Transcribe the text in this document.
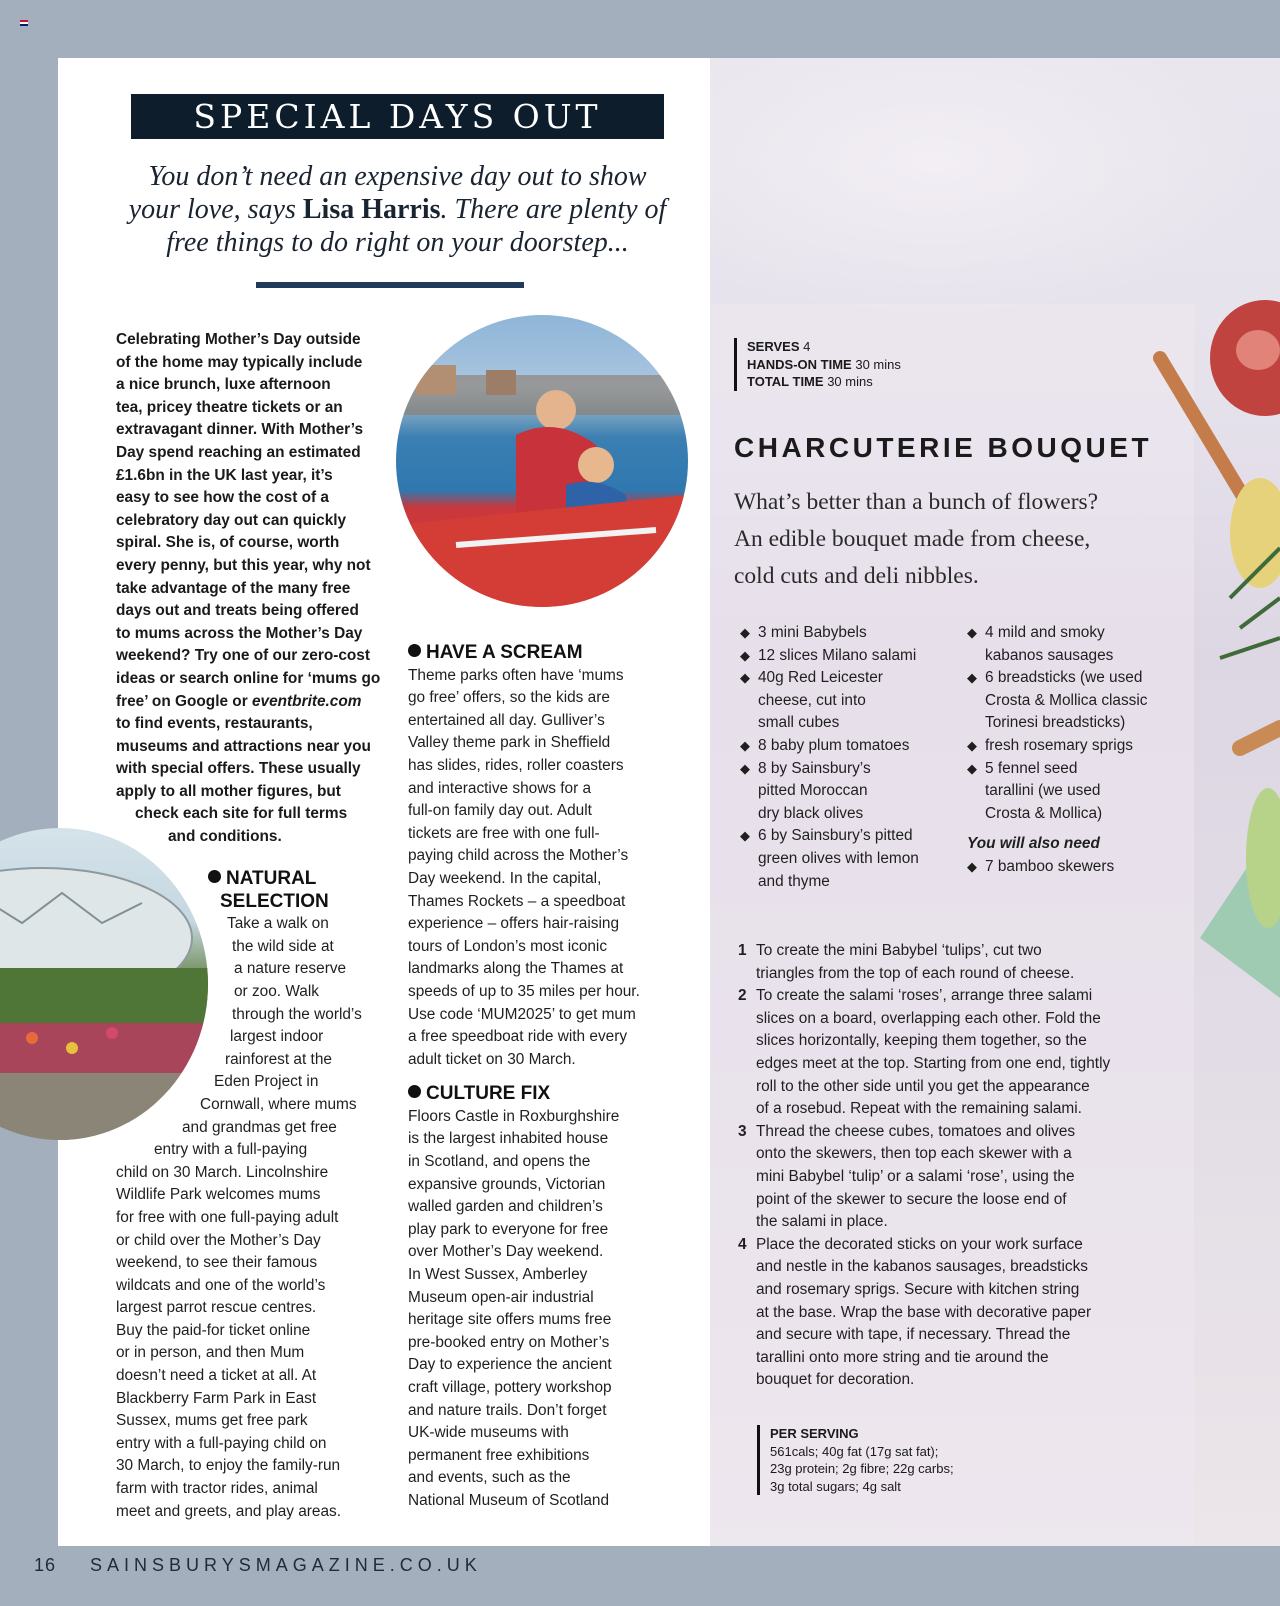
SPECIAL DAYS OUT
You don’t need an expensive day out to show your love, says Lisa Harris. There are plenty of free things to do right on your doorstep...
Celebrating Mother’s Day outside
of the home may typically include
a nice brunch, luxe afternoon
tea, pricey theatre tickets or an
extravagant dinner. With Mother’s
Day spend reaching an estimated
£1.6bn in the UK last year, it’s
easy to see how the cost of a
celebratory day out can quickly
spiral. She is, of course, worth
every penny, but this year, why not
take advantage of the many free
days out and treats being offered
to mums across the Mother’s Day
weekend? Try one of our zero-cost
ideas or search online for ‘mums go
free’ on Google or eventbrite.com
to find events, restaurants,
museums and attractions near you
with special offers. These usually
apply to all mother figures, but
check each site for full terms
and conditions.
NATURAL
SELECTION
Take a walk on
the wild side at
a nature reserve
or zoo. Walk
through the world’s
largest indoor
rainforest at the
Eden Project in
Cornwall, where mums
and grandmas get free
entry with a full-paying
child on 30 March. Lincolnshire
Wildlife Park welcomes mums
for free with one full-paying adult
or child over the Mother’s Day
weekend, to see their famous
wildcats and one of the world’s
largest parrot rescue centres.
Buy the paid-for ticket online
or in person, and then Mum
doesn’t need a ticket at all. At
Blackberry Farm Park in East
Sussex, mums get free park
entry with a full-paying child on
30 March, to enjoy the family-run
farm with tractor rides, animal
meet and greets, and play areas.
HAVE A SCREAM
Theme parks often have ‘mums
go free’ offers, so the kids are
entertained all day. Gulliver’s
Valley theme park in Sheffield
has slides, rides, roller coasters
and interactive shows for a
full-on family day out. Adult
tickets are free with one full-
paying child across the Mother’s
Day weekend. In the capital,
Thames Rockets – a speedboat
experience – offers hair-raising
tours of London’s most iconic
landmarks along the Thames at
speeds of up to 35 miles per hour.
Use code ‘MUM2025’ to get mum
a free speedboat ride with every
adult ticket on 30 March.
CULTURE FIX
Floors Castle in Roxburghshire
is the largest inhabited house
in Scotland, and opens the
expansive grounds, Victorian
walled garden and children’s
play park to everyone for free
over Mother’s Day weekend.
In West Sussex, Amberley
Museum open-air industrial
heritage site offers mums free
pre-booked entry on Mother’s
Day to experience the ancient
craft village, pottery workshop
and nature trails. Don’t forget
UK-wide museums with
permanent free exhibitions
and events, such as the
National Museum of Scotland
16 SAINSBURYSMAGAZINE.CO.UK
SERVES 4
HANDS-ON TIME 30 mins
TOTAL TIME 30 mins
CHARCUTERIE BOUQUET
What’s better than a bunch of flowers?
An edible bouquet made from cheese,
cold cuts and deli nibbles.
◆ 3 mini Babybels
◆ 12 slices Milano salami
◆ 40g Red Leicester
cheese, cut into
small cubes
◆ 8 baby plum tomatoes
◆ 8 by Sainsbury’s
pitted Moroccan
dry black olives
◆ 6 by Sainsbury’s pitted
green olives with lemon
and thyme
◆ 4 mild and smoky
kabanos sausages
◆ 6 breadsticks (we used
Crosta & Mollica classic
Torinesi breadsticks)
◆ fresh rosemary sprigs
◆ 5 fennel seed
tarallini (we used
Crosta & Mollica)
You will also need
◆ 7 bamboo skewers
1 To create the mini Babybel ‘tulips’, cut two
triangles from the top of each round of cheese.
2 To create the salami ‘roses’, arrange three salami
slices on a board, overlapping each other. Fold the
slices horizontally, keeping them together, so the
edges meet at the top. Starting from one end, tightly
roll to the other side until you get the appearance
of a rosebud. Repeat with the remaining salami.
3 Thread the cheese cubes, tomatoes and olives
onto the skewers, then top each skewer with a
mini Babybel ‘tulip’ or a salami ‘rose’, using the
point of the skewer to secure the loose end of
the salami in place.
4 Place the decorated sticks on your work surface
and nestle in the kabanos sausages, breadsticks
and rosemary sprigs. Secure with kitchen string
at the base. Wrap the base with decorative paper
and secure with tape, if necessary. Thread the
tarallini onto more string and tie around the
bouquet for decoration.
PER SERVING
561cals; 40g fat (17g sat fat);
23g protein; 2g fibre; 22g carbs;
3g total sugars; 4g salt
